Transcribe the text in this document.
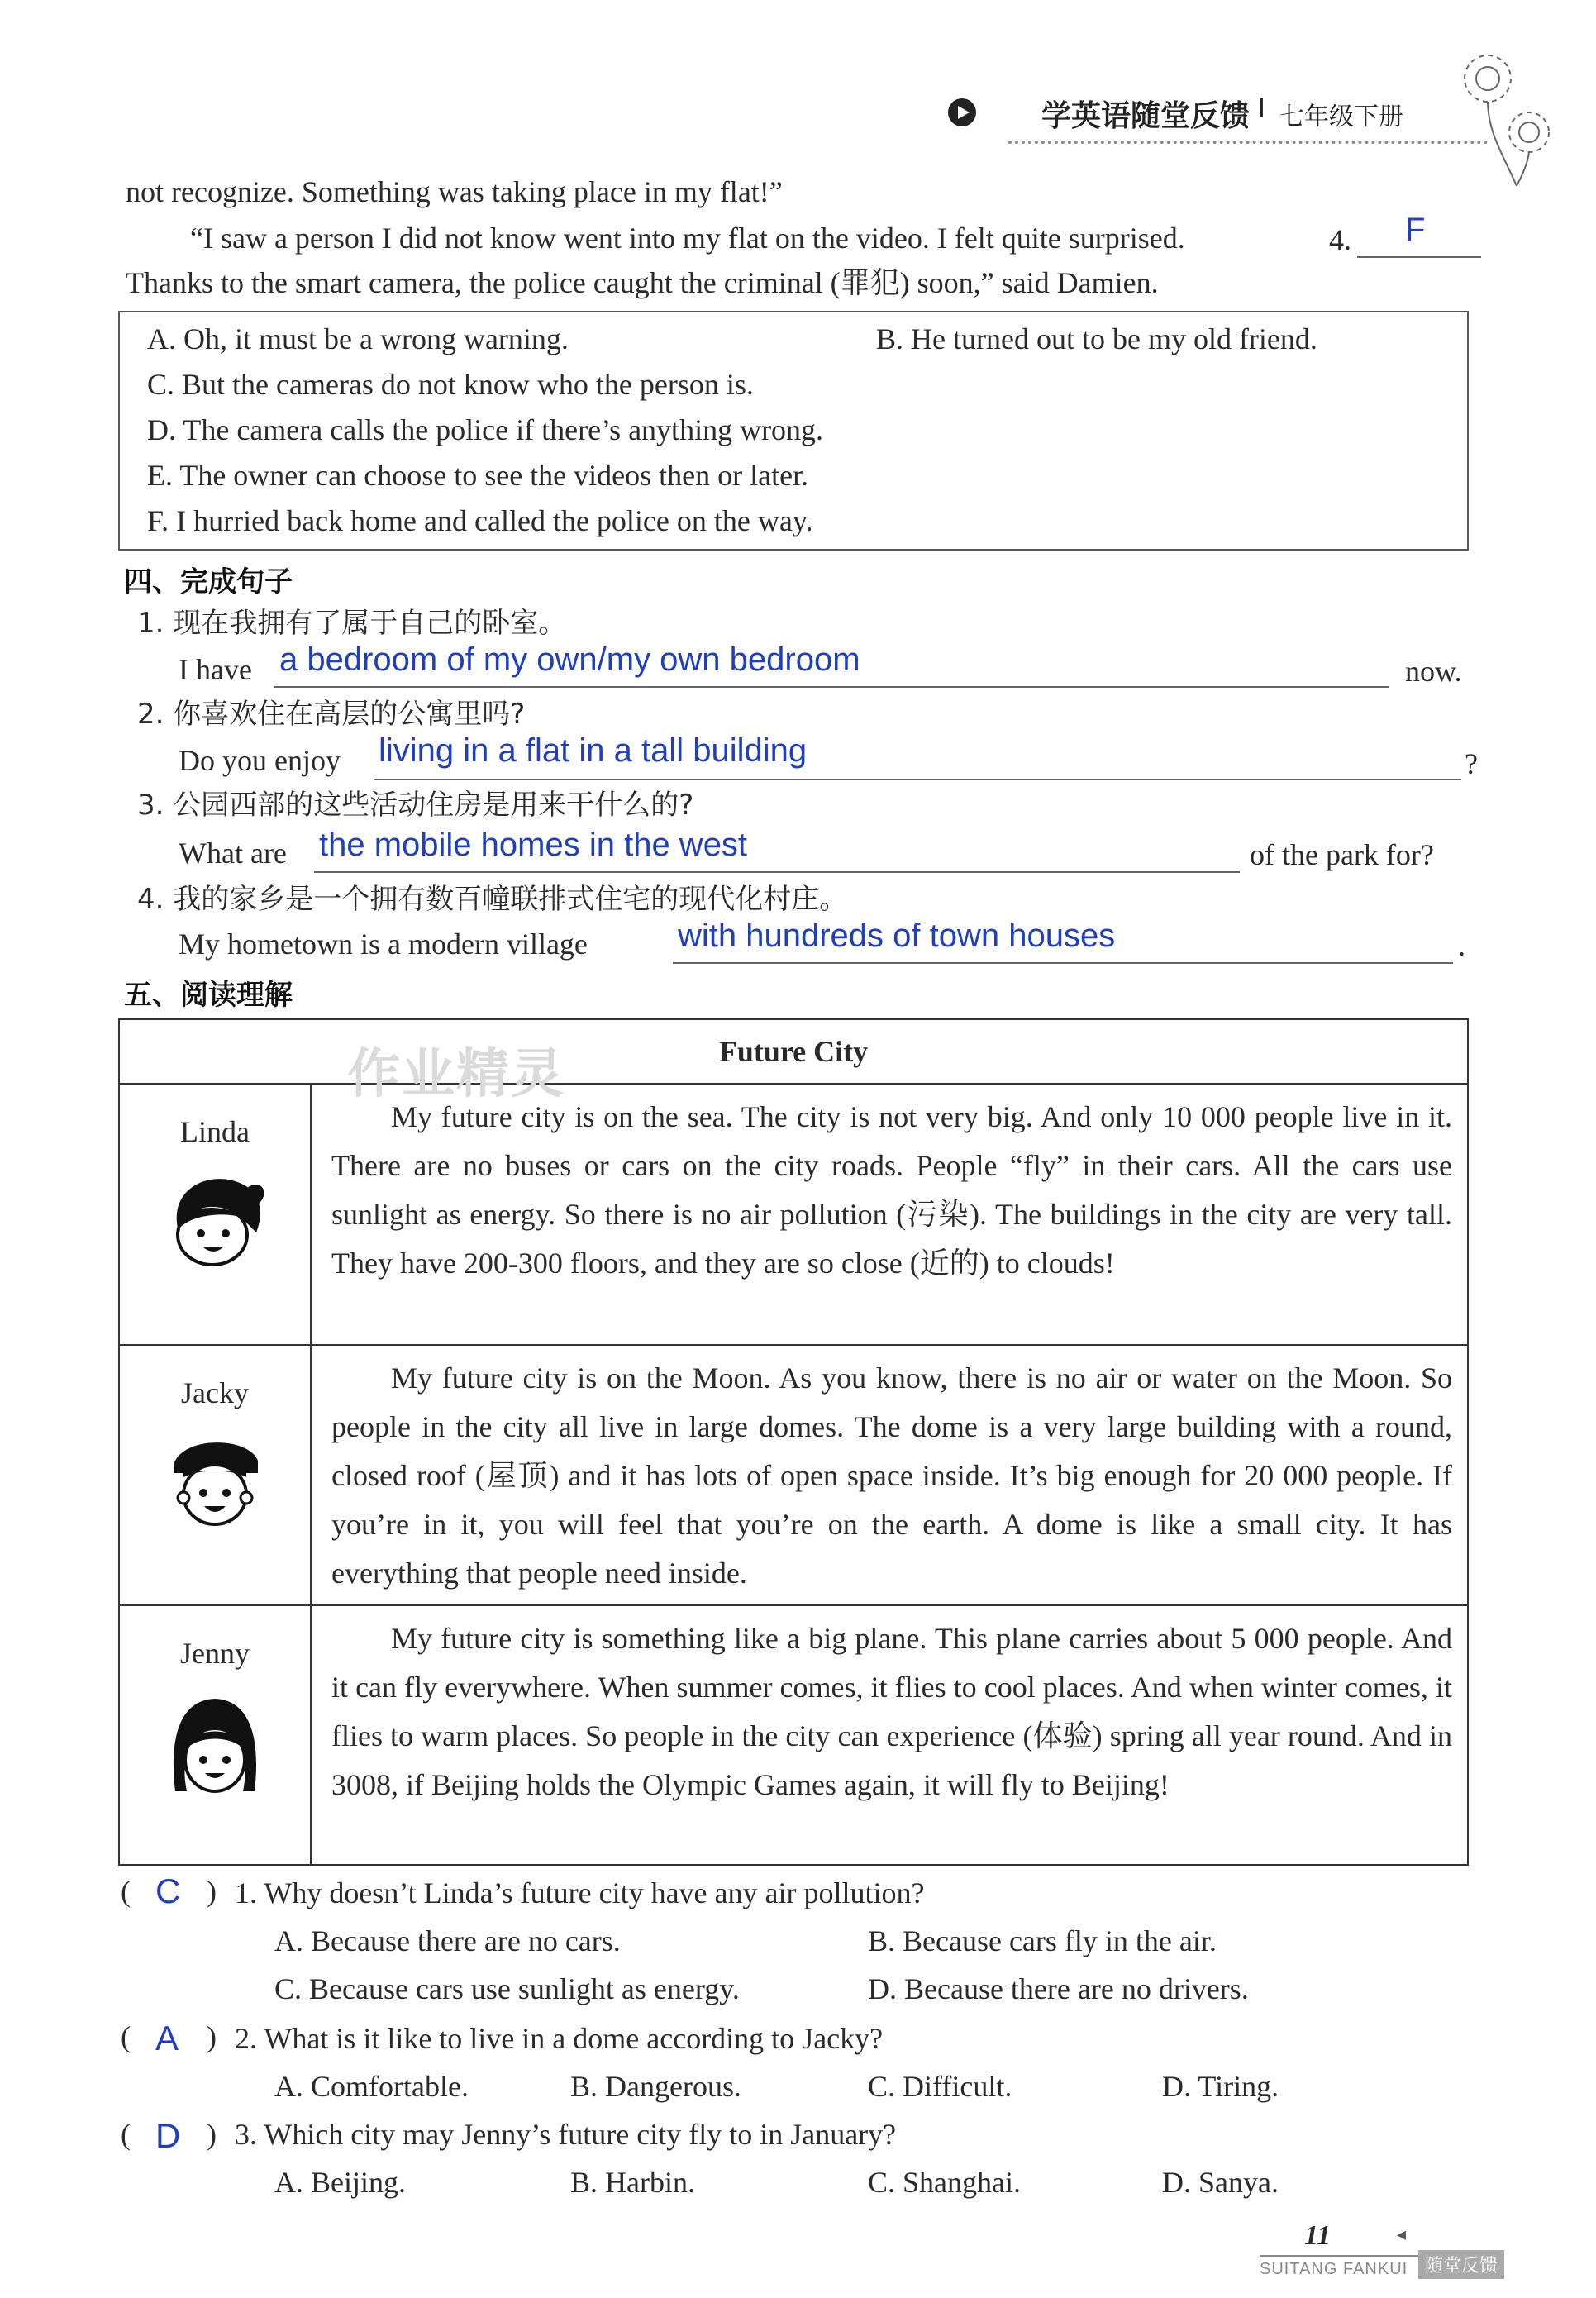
学英语随堂反馈 I 七年级下册
not recognize. Something was taking place in my flat!”
“I saw a person I did not know went into my flat on the video. I felt quite surprised.	4. F
Thanks to the smart camera, the police caught the criminal (罪犯) soon,” said Damien.
A. Oh, it must be a wrong warning.	B. He turned out to be my old friend.
C. But the cameras do not know who the person is.
D. The camera calls the police if there’s anything wrong.
E. The owner can choose to see the videos then or later.
F. I hurried back home and called the police on the way.
四、完成句子
1. 现在我拥有了属于自己的卧室。
I have a bedroom of my own/my own bedroom	now.
2. 你喜欢住在高层的公寓里吗?
Do you enjoy living in a flat in a tall building	?
3. 公园西部的这些活动住房是用来干什么的?
What are the mobile homes in the west	of the park for?
4. 我的家乡是一个拥有数百幢联排式住宅的现代化村庄。
My hometown is a modern village	with hundreds of town houses	.
五、阅读理解
Future City	
Linda	My future city is on the sea. The city is not very big. And only 10 000 people live in it. There are no buses or cars on the city roads. People “fly” in their cars. All the cars use sunlight as energy. So there is no air pollution (污染). The buildings in the city are very tall. They have 200-300 floors, and they are so close (近的) to clouds!
Jacky	My future city is on the Moon. As you know, there is no air or water on the Moon. So people in the city all live in large domes. The dome is a very large building with a round, closed roof (屋顶) and it has lots of open space inside. It’s big enough for 20 000 people. If you’re in it, you will feel that you’re on the earth. A dome is like a small city. It has everything that people need inside.
Jenny	My future city is something like a big plane. This plane carries about 5 000 people. And it can fly everywhere. When summer comes, it flies to cool places. And when winter comes, it flies to warm places. So people in the city can experience (体验) spring all year round. And in 3008, if Beijing holds the Olympic Games again, it will fly to Beijing!
作业精灵
( C ) 1. Why doesn’t Linda’s future city have any air pollution?
A. Because there are no cars.	B. Because cars fly in the air.
C. Because cars use sunlight as energy.	D. Because there are no drivers.
( A ) 2. What is it like to live in a dome according to Jacky?
A. Comfortable.	B. Dangerous.	C. Difficult.	D. Tiring.
( D ) 3. Which city may Jenny’s future city fly to in January?
A. Beijing.	B. Harbin.	C. Shanghai.	D. Sanya.
11	◂
SUITANG FANKUI 随堂反馈
